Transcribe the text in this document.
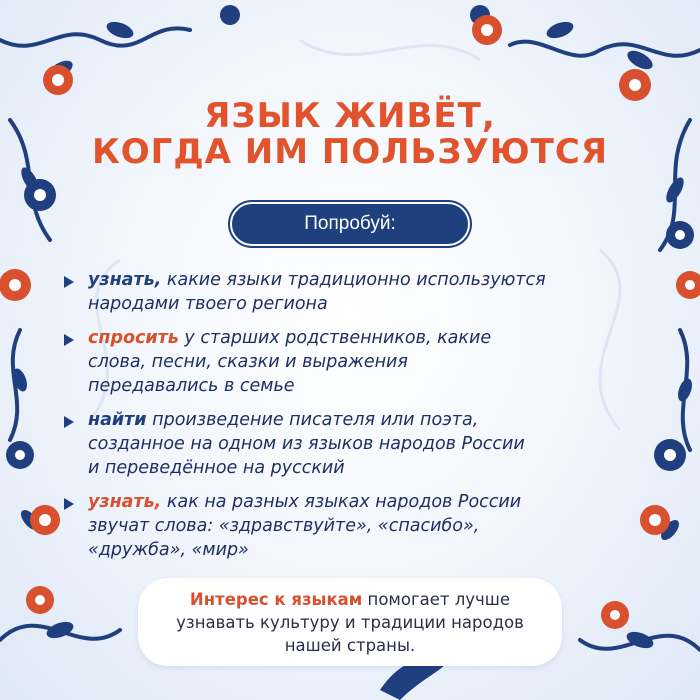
ЯЗЫК ЖИВЁТ,
КОГДА ИМ ПОЛЬЗУЮТСЯ
Попробуй:
узнать, какие языки традиционно используются
народами твоего региона
спросить у старших родственников, какие
слова, песни, сказки и выражения
передавались в семье
найти произведение писателя или поэта,
созданное на одном из языков народов России
и переведённое на русский
узнать, как на разных языках народов России
звучат слова: «здравствуйте», «спасибо»,
«дружба», «мир»
Интерес к языкам помогает лучше
узнавать культуру и традиции народов
нашей страны.
